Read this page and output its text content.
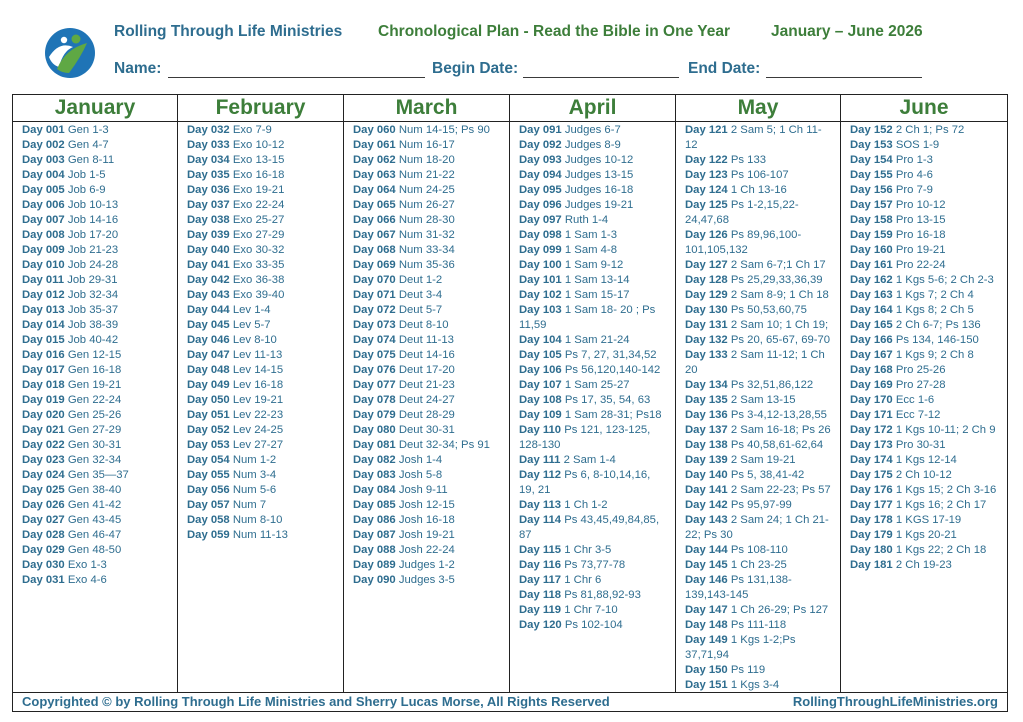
Rolling Through Life Ministries Chronological Plan - Read the Bible in One Year	January – June 2026
Name:	Begin Date:	End Date:
January
Day 001 Gen 1-3
Day 002 Gen 4-7
Day 003 Gen 8-11
Day 004 Job 1-5
Day 005 Job 6-9
Day 006 Job 10-13
Day 007 Job 14-16
Day 008 Job 17-20
Day 009 Job 21-23
Day 010 Job 24-28
Day 011 Job 29-31
Day 012 Job 32-34
Day 013 Job 35-37
Day 014 Job 38-39
Day 015 Job 40-42
Day 016 Gen 12-15
Day 017 Gen 16-18
Day 018 Gen 19-21
Day 019 Gen 22-24
Day 020 Gen 25-26
Day 021 Gen 27-29
Day 022 Gen 30-31
Day 023 Gen 32-34
Day 024 Gen 35—37
Day 025 Gen 38-40
Day 026 Gen 41-42
Day 027 Gen 43-45
Day 028 Gen 46-47
Day 029 Gen 48-50
Day 030 Exo 1-3
Day 031 Exo 4-6
February
Day 032 Exo 7-9
Day 033 Exo 10-12
Day 034 Exo 13-15
Day 035 Exo 16-18
Day 036 Exo 19-21
Day 037 Exo 22-24
Day 038 Exo 25-27
Day 039 Exo 27-29
Day 040 Exo 30-32
Day 041 Exo 33-35
Day 042 Exo 36-38
Day 043 Exo 39-40
Day 044 Lev 1-4
Day 045 Lev 5-7
Day 046 Lev 8-10
Day 047 Lev 11-13
Day 048 Lev 14-15
Day 049 Lev 16-18
Day 050 Lev 19-21
Day 051 Lev 22-23
Day 052 Lev 24-25
Day 053 Lev 27-27
Day 054 Num 1-2
Day 055 Num 3-4
Day 056 Num 5-6
Day 057 Num 7
Day 058 Num 8-10
Day 059 Num 11-13
March
Day 060 Num 14-15; Ps 90
Day 061 Num 16-17
Day 062 Num 18-20
Day 063 Num 21-22
Day 064 Num 24-25
Day 065 Num 26-27
Day 066 Num 28-30
Day 067 Num 31-32
Day 068 Num 33-34
Day 069 Num 35-36
Day 070 Deut 1-2
Day 071 Deut 3-4
Day 072 Deut 5-7
Day 073 Deut 8-10
Day 074 Deut 11-13
Day 075 Deut 14-16
Day 076 Deut 17-20
Day 077 Deut 21-23
Day 078 Deut 24-27
Day 079 Deut 28-29
Day 080 Deut 30-31
Day 081 Deut 32-34; Ps 91
Day 082 Josh 1-4
Day 083 Josh 5-8
Day 084 Josh 9-11
Day 085 Josh 12-15
Day 086 Josh 16-18
Day 087 Josh 19-21
Day 088 Josh 22-24
Day 089 Judges 1-2
Day 090 Judges 3-5
April
Day 091 Judges 6-7
Day 092 Judges 8-9
Day 093 Judges 10-12
Day 094 Judges 13-15
Day 095 Judges 16-18
Day 096 Judges 19-21
Day 097 Ruth 1-4
Day 098 1 Sam 1-3
Day 099 1 Sam 4-8
Day 100 1 Sam 9-12
Day 101 1 Sam 13-14
Day 102 1 Sam 15-17
Day 103 1 Sam 18- 20 ; Ps 11,59
Day 104 1 Sam 21-24
Day 105 Ps 7, 27, 31,34,52
Day 106 Ps 56,120,140-142
Day 107 1 Sam 25-27
Day 108 Ps 17, 35, 54, 63
Day 109 1 Sam 28-31; Ps18
Day 110 Ps 121, 123-125, 128-130
Day 111 2 Sam 1-4
Day 112 Ps 6, 8-10,14,16, 19, 21
Day 113 1 Ch 1-2
Day 114 Ps 43,45,49,84,85, 87
Day 115 1 Chr 3-5
Day 116 Ps 73,77-78
Day 117 1 Chr 6
Day 118 Ps 81,88,92-93
Day 119 1 Chr 7-10
Day 120 Ps 102-104
May
Day 121 2 Sam 5; 1 Ch 11-12
Day 122 Ps 133
Day 123 Ps 106-107
Day 124 1 Ch 13-16
Day 125 Ps 1-2,15,22-24,47,68
Day 126 Ps 89,96,100-101,105,132
Day 127 2 Sam 6-7;1 Ch 17
Day 128 Ps 25,29,33,36,39
Day 129 2 Sam 8-9; 1 Ch 18
Day 130 Ps 50,53,60,75
Day 131 2 Sam 10; 1 Ch 19;
Day 132 Ps 20, 65-67, 69-70
Day 133 2 Sam 11-12; 1 Ch 20
Day 134 Ps 32,51,86,122
Day 135 2 Sam 13-15
Day 136 Ps 3-4,12-13,28,55
Day 137 2 Sam 16-18; Ps 26
Day 138 Ps 40,58,61-62,64
Day 139 2 Sam 19-21
Day 140 Ps 5, 38,41-42
Day 141 2 Sam 22-23; Ps 57
Day 142 Ps 95,97-99
Day 143 2 Sam 24; 1 Ch 21-22; Ps 30
Day 144 Ps 108-110
Day 145 1 Ch 23-25
Day 146 Ps 131,138-139,143-145
Day 147 1 Ch 26-29; Ps 127
Day 148 Ps 111-118
Day 149 1 Kgs 1-2;Ps 37,71,94
Day 150 Ps 119
Day 151 1 Kgs 3-4
June
Day 152 2 Ch 1; Ps 72
Day 153 SOS 1-9
Day 154 Pro 1-3
Day 155 Pro 4-6
Day 156 Pro 7-9
Day 157 Pro 10-12
Day 158 Pro 13-15
Day 159 Pro 16-18
Day 160 Pro 19-21
Day 161 Pro 22-24
Day 162 1 Kgs 5-6; 2 Ch 2-3
Day 163 1 Kgs 7; 2 Ch 4
Day 164 1 Kgs 8; 2 Ch 5
Day 165 2 Ch 6-7; Ps 136
Day 166 Ps 134, 146-150
Day 167 1 Kgs 9; 2 Ch 8
Day 168 Pro 25-26
Day 169 Pro 27-28
Day 170 Ecc 1-6
Day 171 Ecc 7-12
Day 172 1 Kgs 10-11; 2 Ch 9
Day 173 Pro 30-31
Day 174 1 Kgs 12-14
Day 175 2 Ch 10-12
Day 176 1 Kgs 15; 2 Ch 3-16
Day 177 1 Kgs 16; 2 Ch 17
Day 178 1 KGS 17-19
Day 179 1 Kgs 20-21
Day 180 1 Kgs 22; 2 Ch 18
Day 181 2 Ch 19-23
Copyrighted © by Rolling Through Life Ministries and Sherry Lucas Morse, All Rights Reserved	RollingThroughLifeMinistries.org
